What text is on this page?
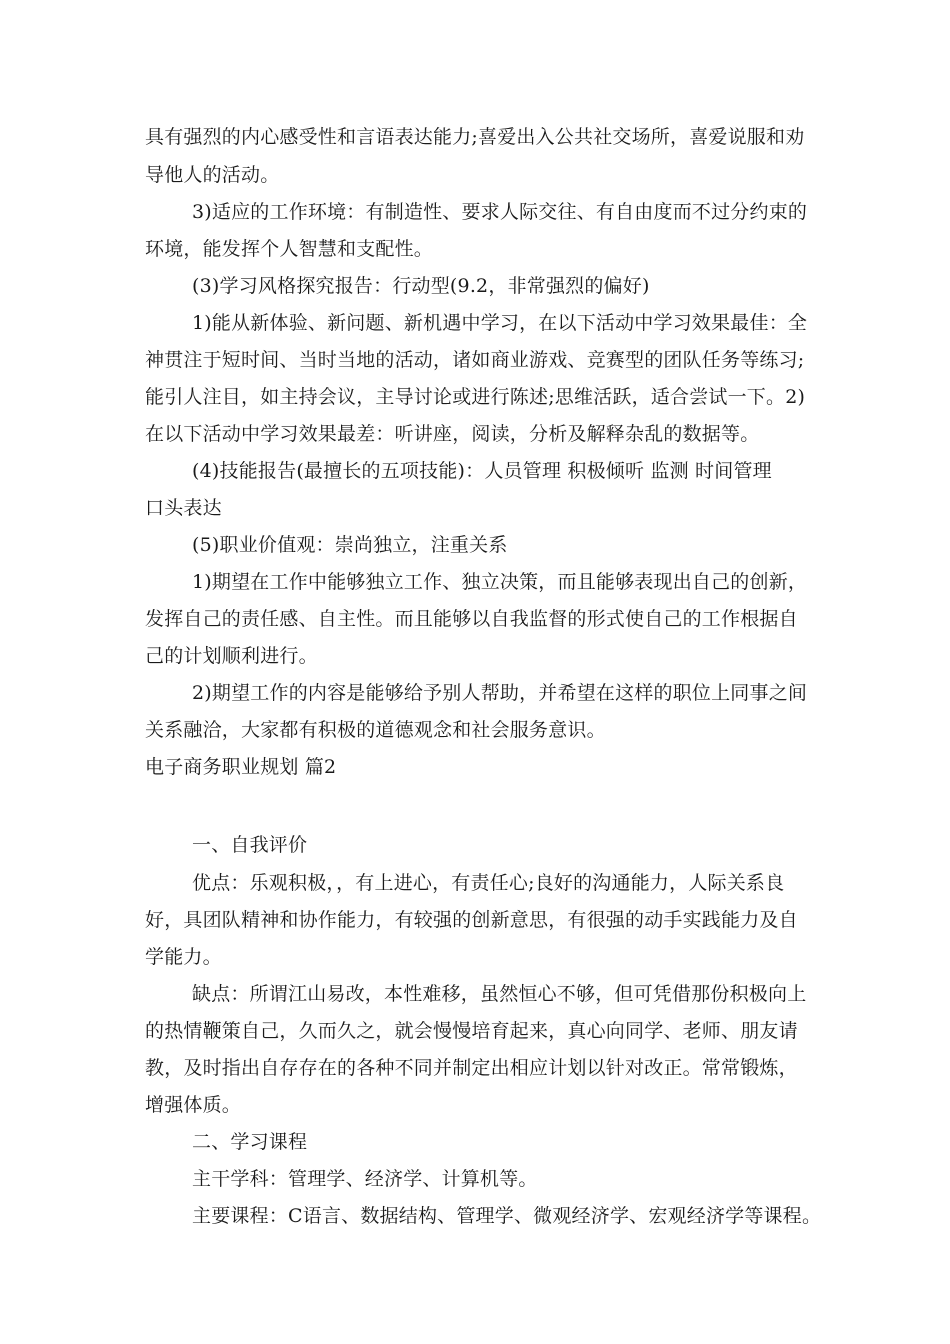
具有强烈的内心感受性和言语表达能力;喜爱出入公共社交场所，喜爱说服和劝
导他人的活动。
3)适应的工作环境：有制造性、要求人际交往、有自由度而不过分约束的
环境，能发挥个人智慧和支配性。
(3)学习风格探究报告：行动型(9.2，非常强烈的偏好)
1)能从新体验、新问题、新机遇中学习，在以下活动中学习效果最佳：全
神贯注于短时间、当时当地的活动，诸如商业游戏、竞赛型的团队任务等练习;
能引人注目，如主持会议，主导讨论或进行陈述;思维活跃，适合尝试一下。2)
在以下活动中学习效果最差：听讲座，阅读，分析及解释杂乱的数据等。
(4)技能报告(最擅长的五项技能)：人员管理 积极倾听 监测 时间管理
口头表达
(5)职业价值观：崇尚独立，注重关系
1)期望在工作中能够独立工作、独立决策，而且能够表现出自己的创新，
发挥自己的责任感、自主性。而且能够以自我监督的形式使自己的工作根据自
己的计划顺利进行。
2)期望工作的内容是能够给予别人帮助，并希望在这样的职位上同事之间
关系融洽，大家都有积极的道德观念和社会服务意识。
电子商务职业规划 篇2
一、自我评价
优点：乐观积极，，有上进心，有责任心;良好的沟通能力，人际关系良
好，具团队精神和协作能力，有较强的创新意思，有很强的动手实践能力及自
学能力。
缺点：所谓江山易改，本性难移，虽然恒心不够，但可凭借那份积极向上
的热情鞭策自己，久而久之，就会慢慢培育起来，真心向同学、老师、朋友请
教，及时指出自存存在的各种不同并制定出相应计划以针对改正。常常锻炼，
增强体质。
二、学习课程
主干学科：管理学、经济学、计算机等。
主要课程：C语言、数据结构、管理学、微观经济学、宏观经济学等课程。
